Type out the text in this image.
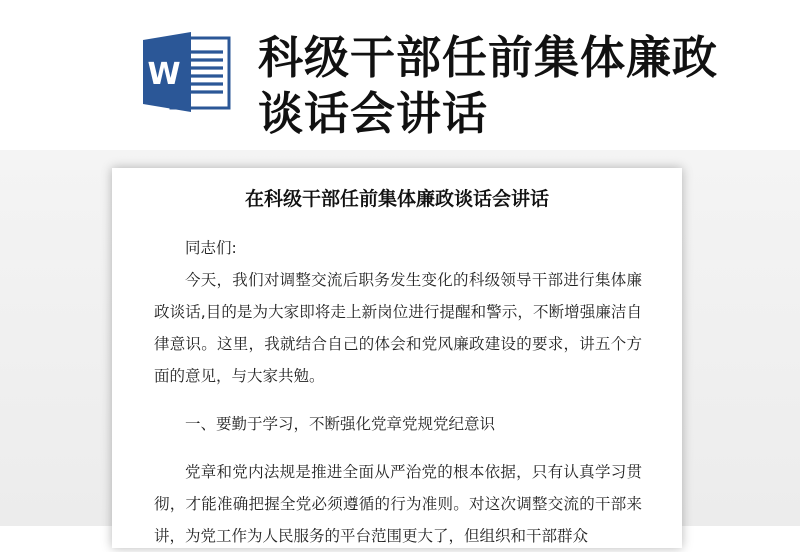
W 科级干部任前集体廉政谈话会讲话
在科级干部任前集体廉政谈话会讲话

同志们:

今天，我们对调整交流后职务发生变化的科级领导干部进行集体廉政谈话,目的是为大家即将走上新岗位进行提醒和警示，不断增强廉洁自律意识。这里，我就结合自己的体会和党风廉政建设的要求，讲五个方面的意见，与大家共勉。

一、要勤于学习，不断强化党章党规党纪意识

党章和党内法规是推进全面从严治党的根本依据，只有认真学习贯彻，才能准确把握全党必须遵循的行为准则。对这次调整交流的干部来讲，为党工作为人民服务的平台范围更大了，但组织和干部群众
